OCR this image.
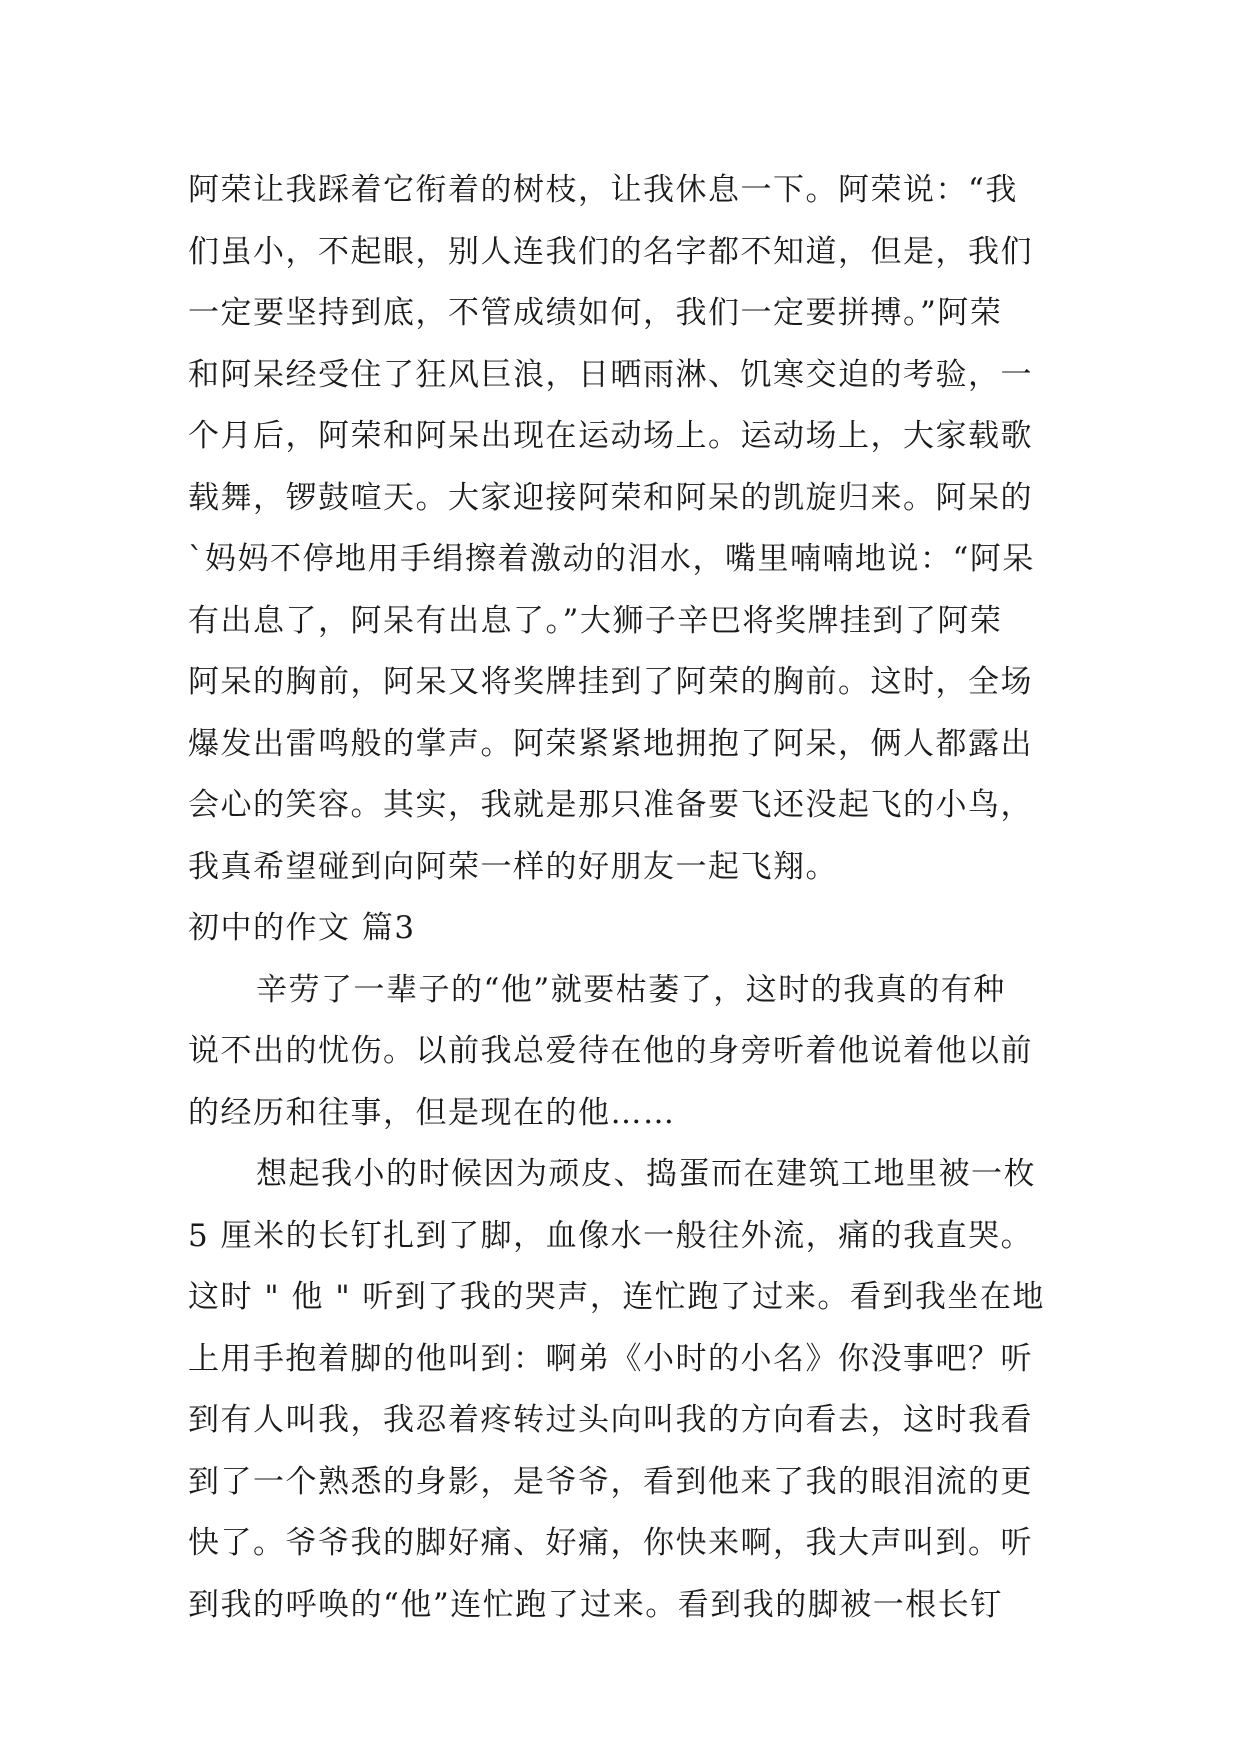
阿荣让我踩着它衔着的树枝，让我休息一下。阿荣说：“我
们虽小，不起眼，别人连我们的名字都不知道，但是，我们
一定要坚持到底，不管成绩如何，我们一定要拼搏。”阿荣
和阿呆经受住了狂风巨浪，日晒雨淋、饥寒交迫的考验，一
个月后，阿荣和阿呆出现在运动场上。运动场上，大家载歌
载舞，锣鼓喧天。大家迎接阿荣和阿呆的凯旋归来。阿呆的
`妈妈不停地用手绢擦着激动的泪水，嘴里喃喃地说：“阿呆
有出息了，阿呆有出息了。”大狮子辛巴将奖牌挂到了阿荣
阿呆的胸前，阿呆又将奖牌挂到了阿荣的胸前。这时，全场
爆发出雷鸣般的掌声。阿荣紧紧地拥抱了阿呆，俩人都露出
会心的笑容。其实，我就是那只准备要飞还没起飞的小鸟，
我真希望碰到向阿荣一样的好朋友一起飞翔。
初中的作文 篇3
辛劳了一辈子的“他”就要枯萎了，这时的我真的有种
说不出的忧伤。以前我总爱待在他的身旁听着他说着他以前
的经历和往事，但是现在的他……
想起我小的时候因为顽皮、捣蛋而在建筑工地里被一枚
5 厘米的长钉扎到了脚，血像水一般往外流，痛的我直哭。
这时 " 他 " 听到了我的哭声，连忙跑了过来。看到我坐在地
上用手抱着脚的他叫到：啊弟《小时的小名》你没事吧？听
到有人叫我，我忍着疼转过头向叫我的方向看去，这时我看
到了一个熟悉的身影，是爷爷，看到他来了我的眼泪流的更
快了。爷爷我的脚好痛、好痛，你快来啊，我大声叫到。听
到我的呼唤的“他”连忙跑了过来。看到我的脚被一根长钉
